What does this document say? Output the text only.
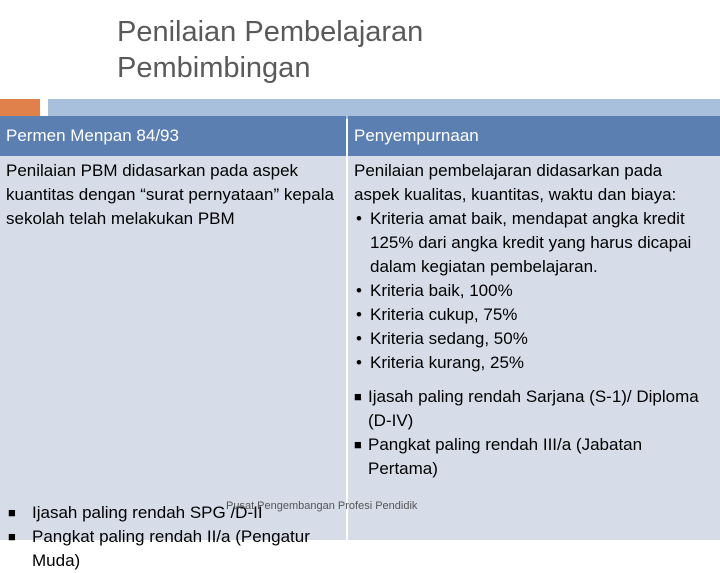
Penilaian Pembelajaran
Pembimbingan
Permen Menpan 84/93	Penyempurnaan

Penilaian PBM didasarkan pada aspek kuantitas dengan “surat pernyataan” kepala sekolah telah melakukan PBM

■ Ijasah paling rendah SPG /D-II
■ Pangkat paling rendah II/a (Pengatur Muda)

Penilaian pembelajaran didasarkan pada aspek kualitas, kuantitas, waktu dan biaya:

• Kriteria amat baik, mendapat angka kredit 125% dari angka kredit yang harus dicapai dalam kegiatan pembelajaran.
• Kriteria baik, 100%
• Kriteria cukup, 75%
• Kriteria sedang, 50%
• Kriteria kurang, 25%
■ Ijasah paling rendah Sarjana (S-1)/ Diploma (D-IV)
■ Pangkat paling rendah III/a (Jabatan Pertama)
Pusat Pengembangan Profesi Pendidik
